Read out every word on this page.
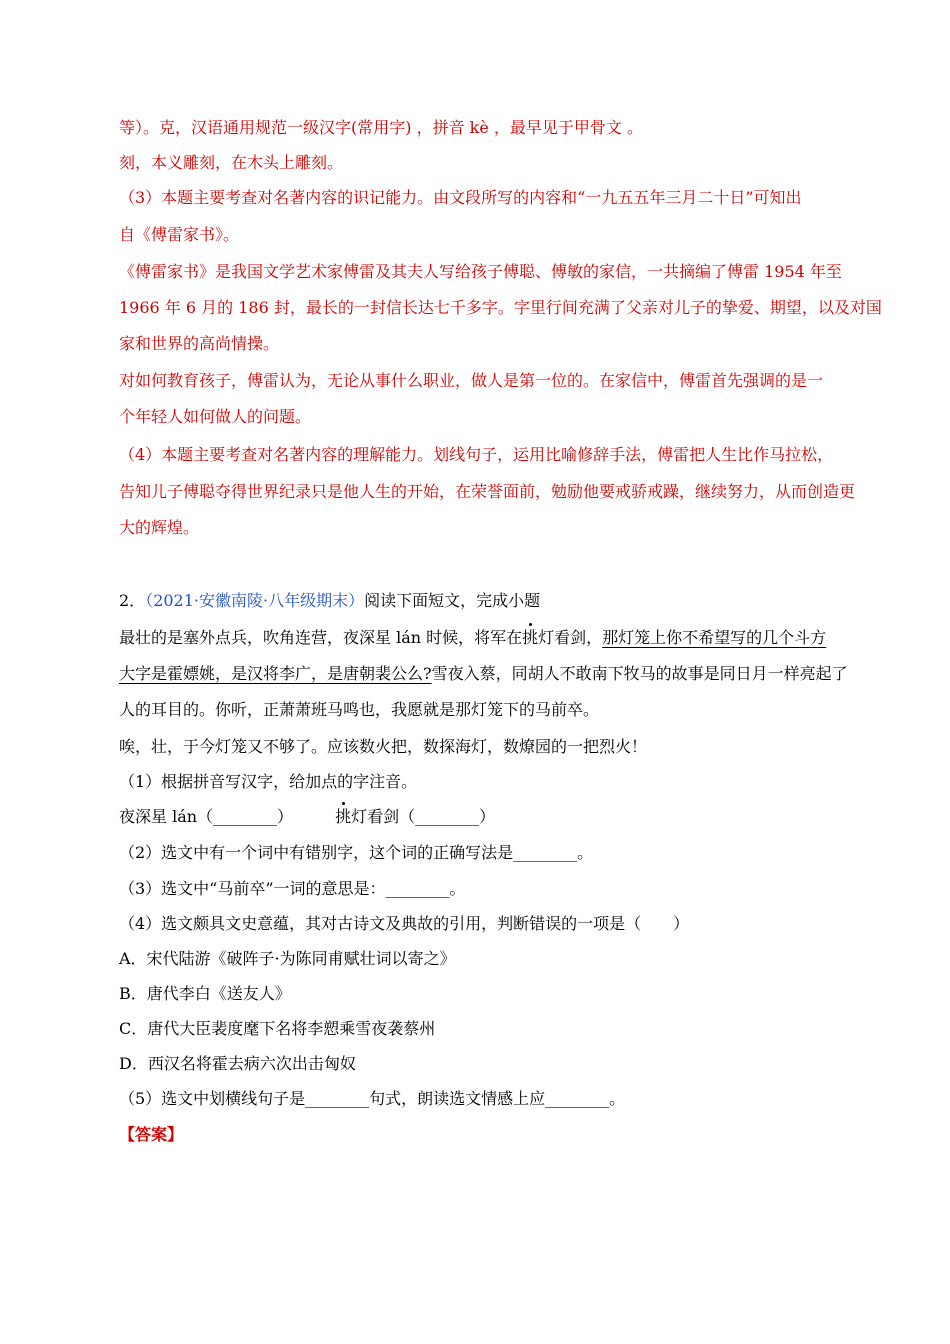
等）。克，汉语通用规范一级汉字(常用字) ，拼音 kè ，最早见于甲骨文 。
刻，本义雕刻，在木头上雕刻。
（3）本题主要考查对名著内容的识记能力。由文段所写的内容和“一九五五年三月二十日”可知出
自《傅雷家书》。
《傅雷家书》是我国文学艺术家傅雷及其夫人写给孩子傅聪、傅敏的家信，一共摘编了傅雷 1954 年至
1966 年 6 月的 186 封，最长的一封信长达七千多字。字里行间充满了父亲对儿子的挚爱、期望，以及对国
家和世界的高尚情操。
对如何教育孩子，傅雷认为，无论从事什么职业，做人是第一位的。在家信中，傅雷首先强调的是一
个年轻人如何做人的问题。
（4）本题主要考查对名著内容的理解能力。划线句子，运用比喻修辞手法，傅雷把人生比作马拉松，
告知儿子傅聪夺得世界纪录只是他人生的开始，在荣誉面前，勉励他要戒骄戒躁，继续努力，从而创造更
大的辉煌。
2．（2021·安徽南陵·八年级期末）阅读下面短文，完成小题
最壮的是塞外点兵，吹角连营，夜深星 lán 时候，将军在挑灯看剑，那灯笼上你不希望写的几个斗方
大字是霍嫖姚，是汉将李广，是唐朝裴公么?雪夜入蔡，同胡人不敢南下牧马的故事是同日月一样亮起了
人的耳目的。你听，正萧萧班马鸣也，我愿就是那灯笼下的马前卒。
唉，壮，于今灯笼又不够了。应该数火把，数探海灯，数燎园的一把烈火！
（1）根据拼音写汉字，给加点的字注音。
夜深星 lán（________）	挑灯看剑（________）
（2）选文中有一个词中有错别字，这个词的正确写法是________。
（3）选文中“马前卒”一词的意思是：________。
（4）选文颇具文史意蕴，其对古诗文及典故的引用，判断错误的一项是（　　）
A．宋代陆游《破阵子·为陈同甫赋壮词以寄之》
B．唐代李白《送友人》
C．唐代大臣裴度麾下名将李愬乘雪夜袭蔡州
D．西汉名将霍去病六次出击匈奴
（5）选文中划横线句子是________句式，朗读选文情感上应________。
【答案】
